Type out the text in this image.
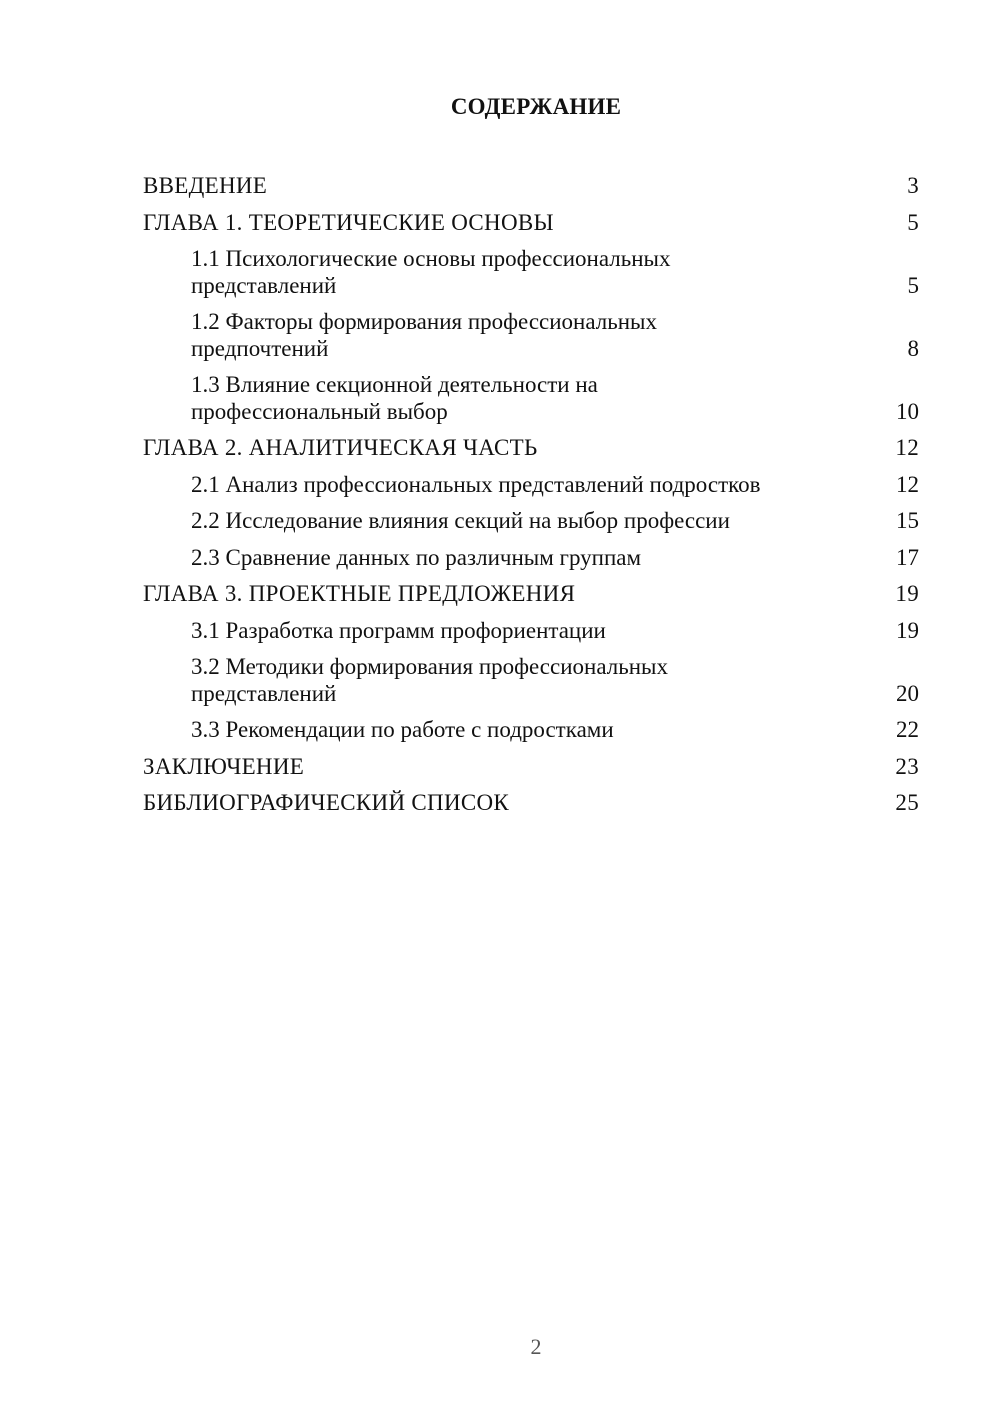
СОДЕРЖАНИЕ
ВВЕДЕНИЕ	3
ГЛАВА 1. ТЕОРЕТИЧЕСКИЕ ОСНОВЫ	5
1.1 Психологические основы профессиональных представлений	5
1.2 Факторы формирования профессиональных предпочтений	8
1.3 Влияние секционной деятельности на профессиональный выбор	10
ГЛАВА 2. АНАЛИТИЧЕСКАЯ ЧАСТЬ	12
2.1 Анализ профессиональных представлений подростков	12
2.2 Исследование влияния секций на выбор профессии	15
2.3 Сравнение данных по различным группам	17
ГЛАВА 3. ПРОЕКТНЫЕ ПРЕДЛОЖЕНИЯ	19
3.1 Разработка программ профориентации	19
3.2 Методики формирования профессиональных представлений	20
3.3 Рекомендации по работе с подростками	22
ЗАКЛЮЧЕНИЕ	23
БИБЛИОГРАФИЧЕСКИЙ СПИСОК	25
2
